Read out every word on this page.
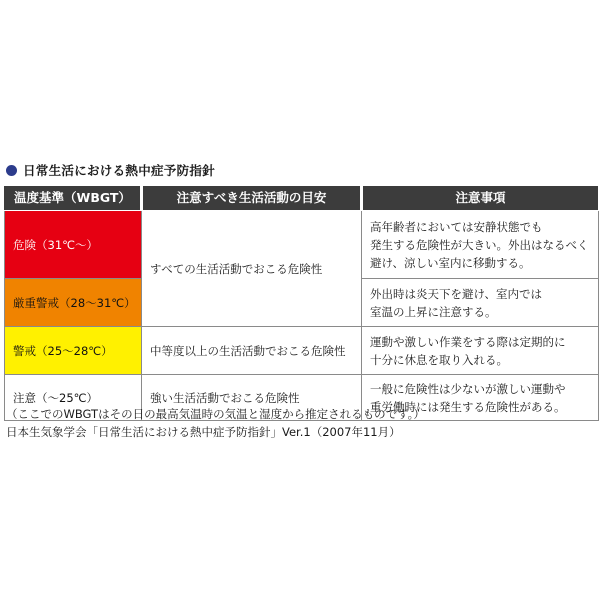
日常生活における熱中症予防指針
温度基準（WBGT）	注意すべき生活活動の目安	注意事項
危険（31℃〜）	すべての生活活動でおこる危険性	高年齢者においては安静状態でも
発生する危険性が大きい。外出はなるべく
避け、涼しい室内に移動する。

厳重警戒（28〜31℃）		外出時は炎天下を避け、室内では
室温の上昇に注意する。

警戒（25〜28℃）	中等度以上の生活活動でおこる危険性	運動や激しい作業をする際は定期的に
十分に休息を取り入れる。

注意（〜25℃）	強い生活活動でおこる危険性	一般に危険性は少ないが激しい運動や
重労働時には発生する危険性がある。
（ここでのWBGTはその日の最高気温時の気温と湿度から推定されるものです。）
日本生気象学会「日常生活における熱中症予防指針」Ver.1（2007年11月）
